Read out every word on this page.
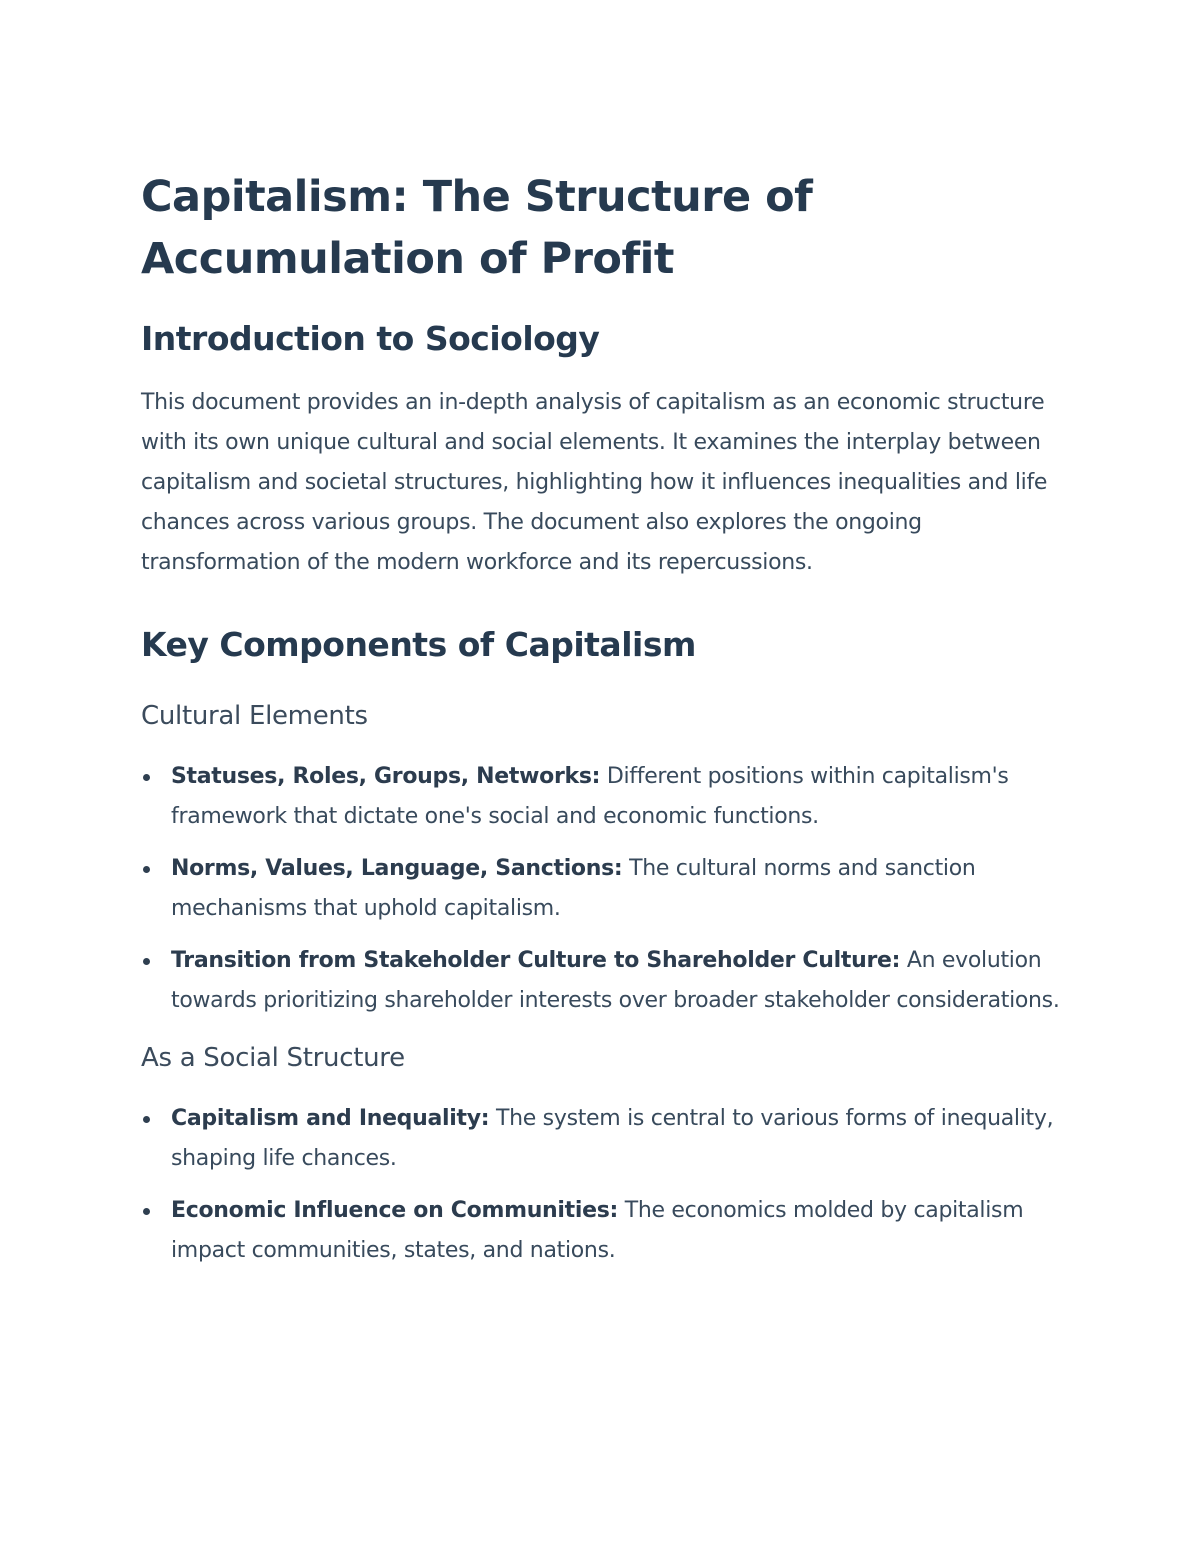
Capitalism: The Structure of Accumulation of Profit
Introduction to Sociology

This document provides an in-depth analysis of capitalism as an economic structure with its own unique cultural and social elements. It examines the interplay between capitalism and societal structures, highlighting how it influences inequalities and life chances across various groups. The document also explores the ongoing transformation of the modern workforce and its repercussions.

Key Components of Capitalism
Cultural Elements
Statuses, Roles, Groups, Networks: Different positions within capitalism's framework that dictate one's social and economic functions.
Norms, Values, Language, Sanctions: The cultural norms and sanction mechanisms that uphold capitalism.
Transition from Stakeholder Culture to Shareholder Culture: An evolution towards prioritizing shareholder interests over broader stakeholder considerations.
As a Social Structure
Capitalism and Inequality: The system is central to various forms of inequality, shaping life chances.
Economic Influence on Communities: The economics molded by capitalism impact communities, states, and nations.
